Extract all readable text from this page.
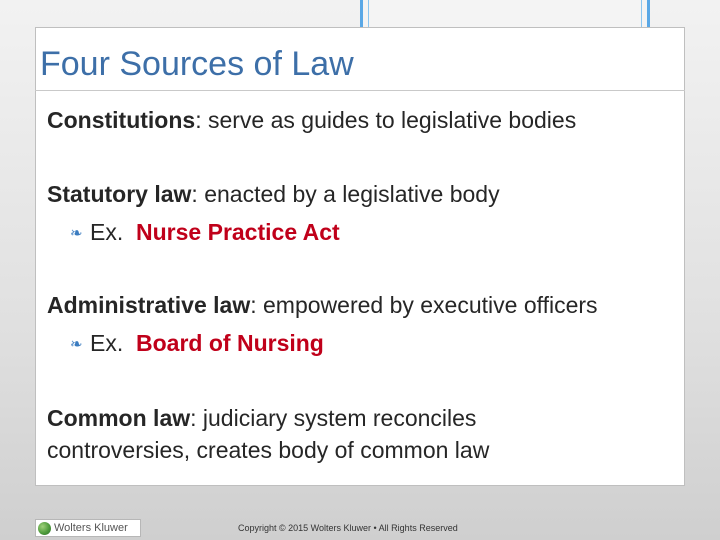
Four Sources of Law
Constitutions: serve as guides to legislative bodies
Statutory law: enacted by a legislative body
❧ Ex. Nurse Practice Act
Administrative law: empowered by executive officers
❧ Ex. Board of Nursing
Common law: judiciary system reconciles controversies, creates body of common law
Wolters Kluwer	Copyright © 2015 Wolters Kluwer • All Rights Reserved
